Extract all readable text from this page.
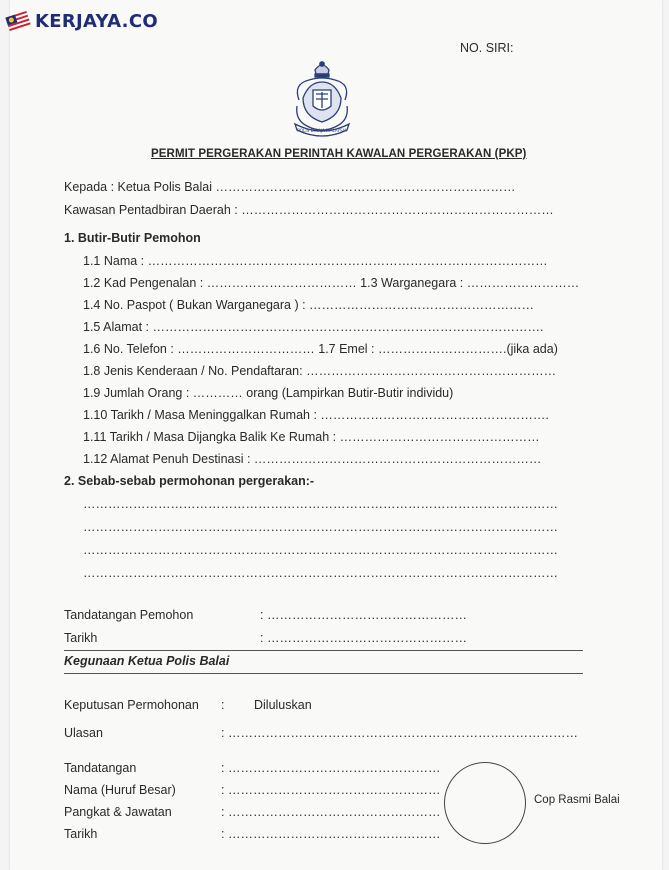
KERJAYA.CO
NO. SIRI:
POLIS DIRAJA MALAYSIA
PERMIT PERGERAKAN PERINTAH KAWALAN PERGERAKAN (PKP)
Kepada : Ketua Polis Balai ………………………………………………………………
Kawasan Pentadbiran Daerah : …………………………………………………………………
1. Butir-Butir Pemohon
1.1 Nama : ……………………………………………………………………………………
1.2 Kad Pengenalan : ……………………………… 1.3 Warganegara : ………………………
1.4 No. Paspot ( Bukan Warganegara ) : ………………………………………………
1.5 Alamat : ………………………………………………………………………………….
1.6 No. Telefon : …………………………… 1.7 Emel : ………………………….(jika ada)
1.8 Jenis Kenderaan / No. Pendaftaran: ……………………………………………………
1.9 Jumlah Orang : ………… orang (Lampirkan Butir-Butir individu)
1.10 Tarikh / Masa Meninggalkan Rumah : ……………………………………………….
1.11 Tarikh / Masa Dijangka Balik Ke Rumah : …………………………………………
1.12 Alamat Penuh Destinasi : ……………………………………………………………
2. Sebab-sebab permohonan pergerakan:-
……………………………………………………………………………………………………
……………………………………………………………………………………………………
……………………………………………………………………………………………………
……………………………………………………………………………………………………
Tandatangan Pemohon	: …………………………………………
Tarikh	: …………………………………………
Kegunaan Ketua Polis Balai
Keputusan Permohonan : Diluluskan
Ulasan	: …………………………………………………………………………
Tandatangan	: ……………………………………………
Nama (Huruf Besar)	: ……………………………………………
Pangkat & Jawatan	: ……………………………………………
Tarikh	: ……………………………………………
Cop Rasmi Balai
